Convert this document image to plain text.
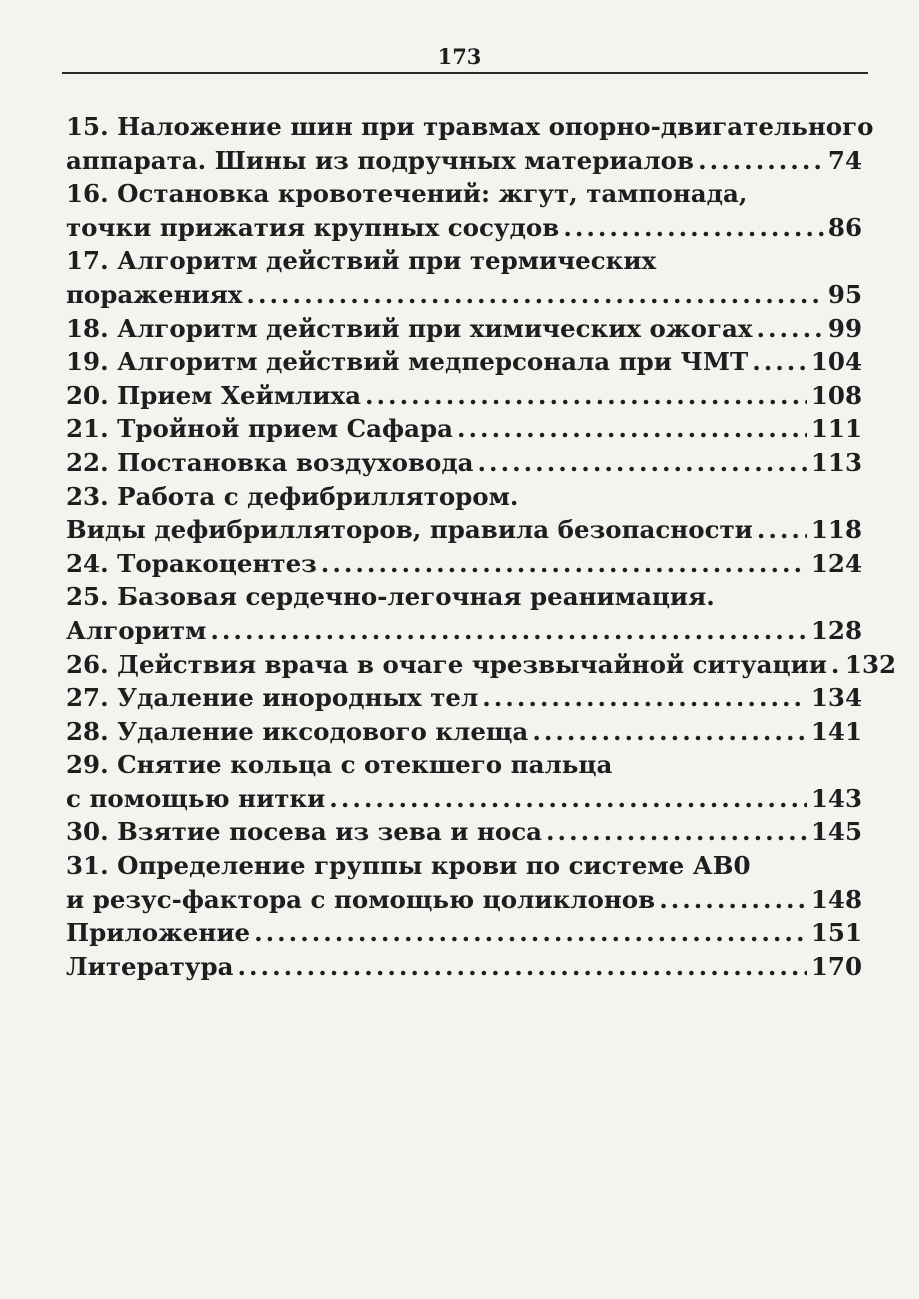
173
15. Наложение шин при травмах опорно-двигательного
аппарата. Шины из подручных материалов .....	74
16. Остановка кровотечений: жгут, тампонада,
точки прижатия крупных сосудов .....	86
17. Алгоритм действий при термических
поражениях .....	95
18. Алгоритм действий при химических ожогах .....	99
19. Алгоритм действий медперсонала при ЧМТ .....	104
20. Прием Хеймлиха .....	108
21. Тройной прием Сафара .....	111
22. Постановка воздуховода .....	113
23. Работа с дефибриллятором.
Виды дефибрилляторов, правила безопасности ..... 118
24. Торакоцентез .....	124
25. Базовая сердечно-легочная реанимация.
Алгоритм .....	128
26. Действия врача в очаге чрезвычайной ситуации ..... 132
27. Удаление инородных тел .....	134
28. Удаление иксодового клеща .....	141
29. Снятие кольца с отекшего пальца
с помощью нитки .....	143
30. Взятие посева из зева и носа .....	145
31. Определение группы крови по системе АВ0
и резус-фактора с помощью цоликлонов .....	148
Приложение .....	151
Литература .....	170
